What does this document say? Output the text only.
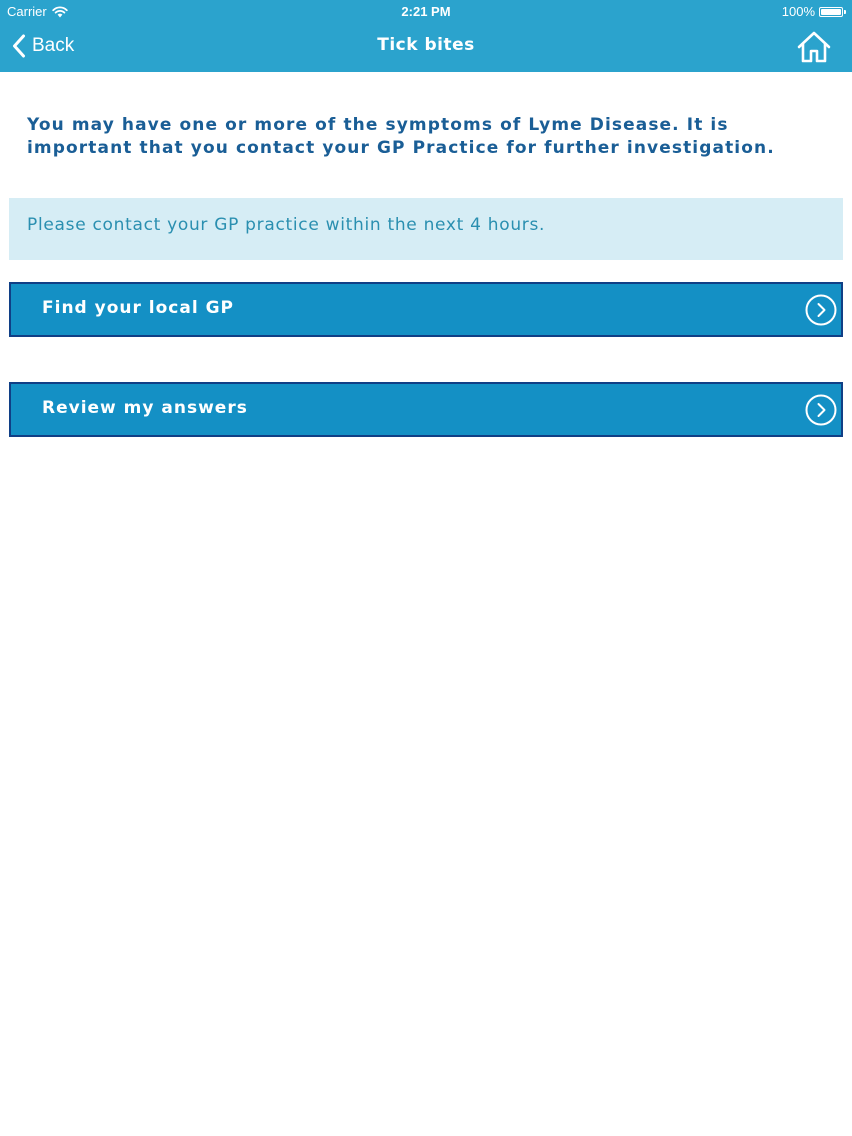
Carrier	2:21 PM	100%
Back	Tick bites

You may have one or more of the symptoms of Lyme Disease. It is important that you contact your GP Practice for further investigation.

Please contact your GP practice within the next 4 hours.
Find your local GP
Review my answers
